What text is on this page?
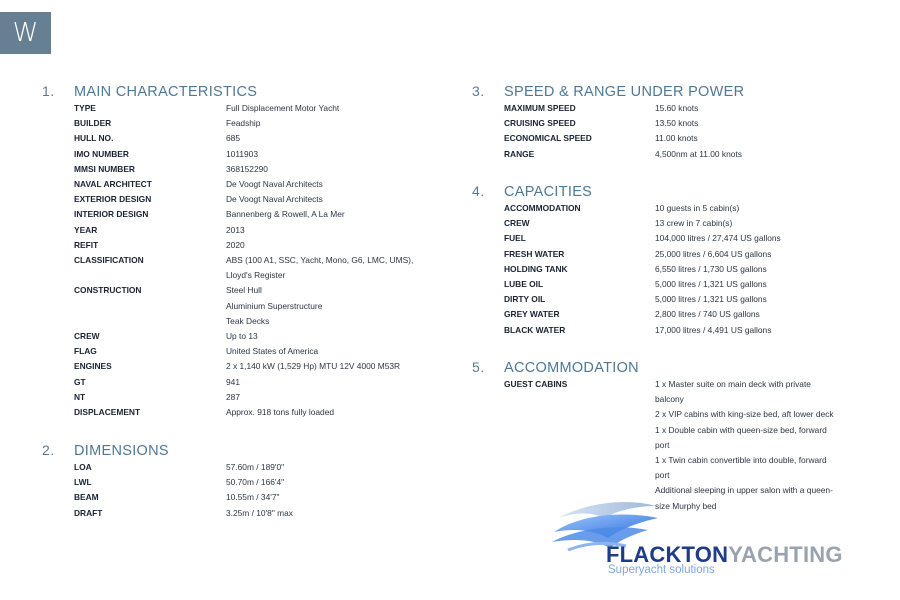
W
1.	MAIN CHARACTERISTICS
TYPE	Full Displacement Motor Yacht
BUILDER	Feadship
HULL NO.	685
IMO NUMBER	1011903
MMSI NUMBER	368152290
NAVAL ARCHITECT	De Voogt Naval Architects
EXTERIOR DESIGN	De Voogt Naval Architects
INTERIOR DESIGN	Bannenberg & Rowell, A La Mer
YEAR	2013
REFIT	2020
CLASSIFICATION	ABS (100 A1, SSC, Yacht, Mono, G6, LMC, UMS),
Lloyd's Register
CONSTRUCTION	Steel Hull
Aluminium Superstructure
Teak Decks
CREW	Up to 13
FLAG	United States of America
ENGINES	2 x 1,140 kW (1,529 Hp) MTU 12V 4000 M53R
GT	941
NT	287
DISPLACEMENT	Approx. 918 tons fully loaded
2.	DIMENSIONS
LOA	57.60m / 189'0"
LWL	50.70m / 166'4"
BEAM	10.55m / 34'7"
DRAFT	3.25m / 10'8" max
3.	SPEED & RANGE UNDER POWER
MAXIMUM SPEED	15.60 knots
CRUISING SPEED	13.50 knots
ECONOMICAL SPEED	11.00 knots
RANGE	4,500nm at 11.00 knots
4.	CAPACITIES
ACCOMMODATION	10 guests in 5 cabin(s)
CREW	13 crew in 7 cabin(s)
FUEL	104,000 litres / 27,474 US gallons
FRESH WATER	25,000 litres / 6,604 US gallons
HOLDING TANK	6,550 litres / 1,730 US gallons
LUBE OIL	5,000 litres / 1,321 US gallons
DIRTY OIL	5,000 litres / 1,321 US gallons
GREY WATER	2,800 litres / 740 US gallons
BLACK WATER	17,000 litres / 4,491 US gallons
5.	ACCOMMODATION
GUEST CABINS	1 x Master suite on main deck with private
balcony
2 x VIP cabins with king-size bed, aft lower deck
1 x Double cabin with queen-size bed, forward
port
1 x Twin cabin convertible into double, forward
port
Additional sleeping in upper salon with a queen-
size Murphy bed
FLACKTONYACHTING
Superyacht solutions
